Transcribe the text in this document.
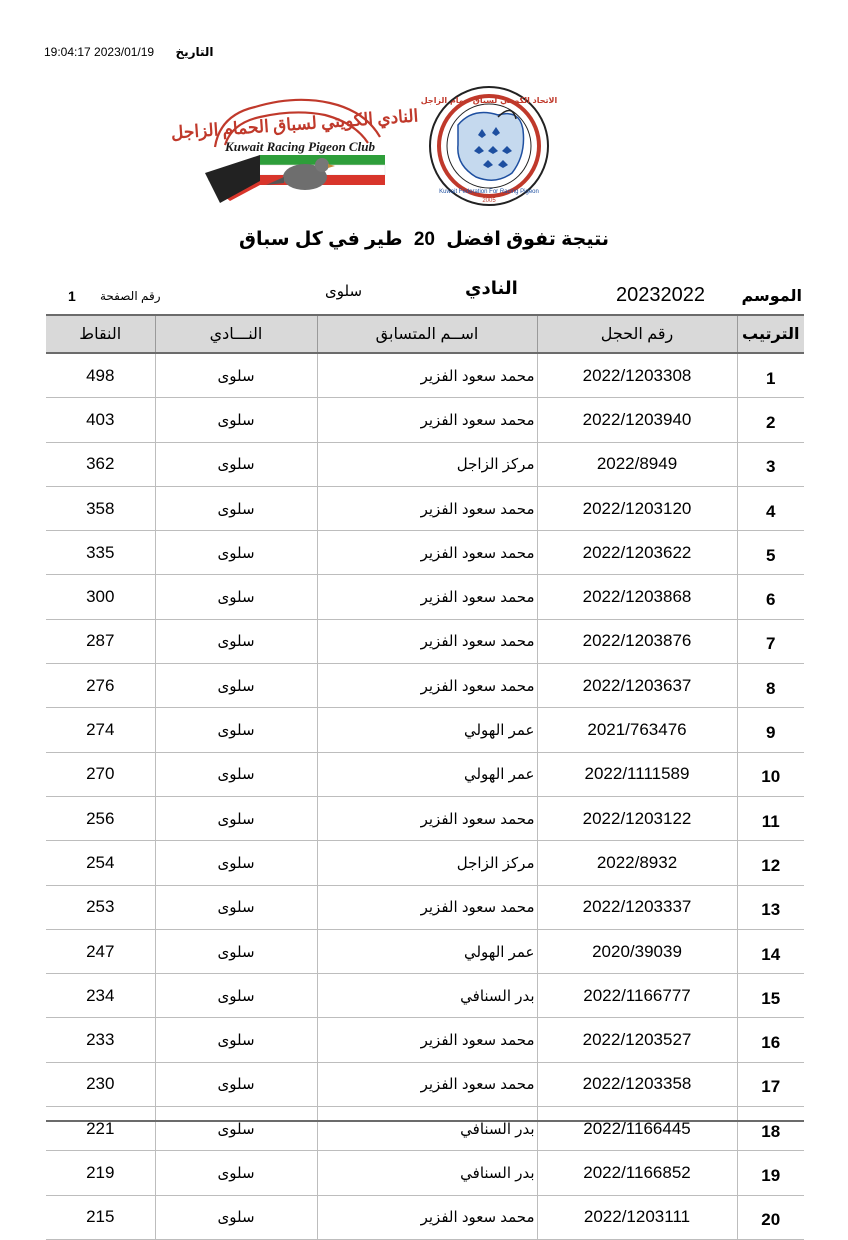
19:04:17 2023/01/19 التاريخ
النادي الكويتي لسباق الحمام الزاجل
Kuwait Racing Pigeon Club
الاتحاد الكويتي لسباق حمام الزاجل
Kuwait Federation For Racing Pigeon
2005
نتيجة تفوق افضل 20 طير في كل سباق
الموسم
20232022
النادي
سلوى
رقم الصفحة
1
النقاط	النـــادي	اســم المتسابق	رقم الحجل	الترتيب
498	سلوى	محمد سعود الفزير	2022/1203308	1
403	سلوى	محمد سعود الفزير	2022/1203940	2
362	سلوى	مركز الزاجل	2022/8949	3
358	سلوى	محمد سعود الفزير	2022/1203120	4
335	سلوى	محمد سعود الفزير	2022/1203622	5
300	سلوى	محمد سعود الفزير	2022/1203868	6
287	سلوى	محمد سعود الفزير	2022/1203876	7
276	سلوى	محمد سعود الفزير	2022/1203637	8
274	سلوى	عمر الهولي	2021/763476	9
270	سلوى	عمر الهولي	2022/1111589	10
256	سلوى	محمد سعود الفزير	2022/1203122	11
254	سلوى	مركز الزاجل	2022/8932	12
253	سلوى	محمد سعود الفزير	2022/1203337	13
247	سلوى	عمر الهولي	2020/39039	14
234	سلوى	بدر السنافي	2022/1166777	15
233	سلوى	محمد سعود الفزير	2022/1203527	16
230	سلوى	محمد سعود الفزير	2022/1203358	17
221	سلوى	بدر السنافي	2022/1166445	18
219	سلوى	بدر السنافي	2022/1166852	19
215	سلوى	محمد سعود الفزير	2022/1203111	20
